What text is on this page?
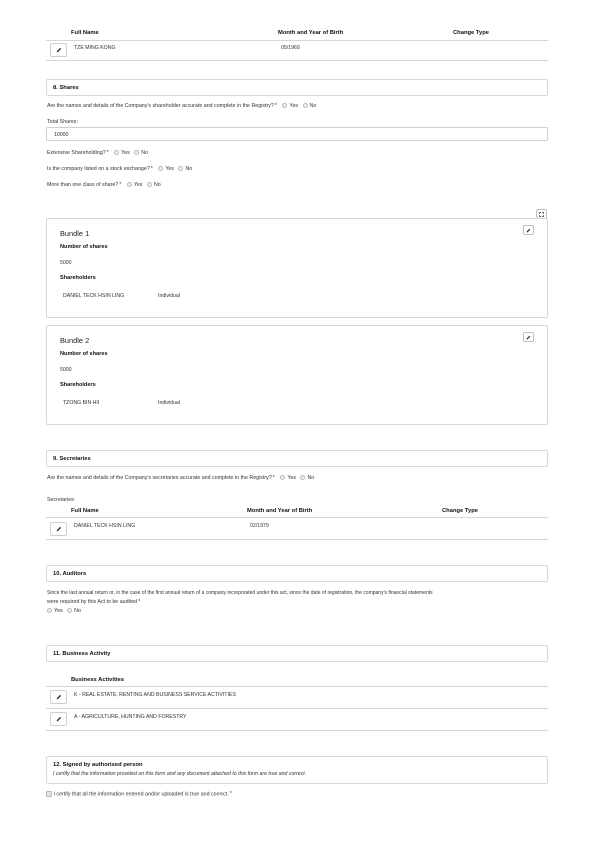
Full Name	Month and Year of Birth	Change Type
TZE MING KONG	05/1969
8. Shares
Are the names and details of the Company's shareholder accurate and complete in the Registry?* Yes No
Total Shares:
10000
Extensive Shareholding?* Yes No
Is the company listed on a stock exchange?* Yes No
More than one class of share?* Yes No
Bundle 1
Number of shares
5000
Shareholders
DANIEL TECK HSIN LING	Individual
Bundle 2
Number of shares
5000
Shareholders
TZONG BIN HII	Individual
9. Secretaries
Are the names and details of the Company's secretaries accurate and complete in the Registry?* Yes No
Secretaries:
Full Name	Month and Year of Birth	Change Type
DANIEL TECK HSIN LING	02/1979
10. Auditors
Since the last annual return or, in the case of the first annual return of a company incorporated under this act, since the date of registration, the company's financial statements
were required by this Act to be audited*
Yes No
11. Business Activity
Business Activities
K - REAL ESTATE, RENTING AND BUSINESS SERVICE ACTIVITIES
A - AGRICULTURE, HUNTING AND FORESTRY
12. Signed by authorised person
I certify that the information provided on this form and any document attached to this form are true and correct.
I certify that all the information entered and/or uploaded is true and correct.*
